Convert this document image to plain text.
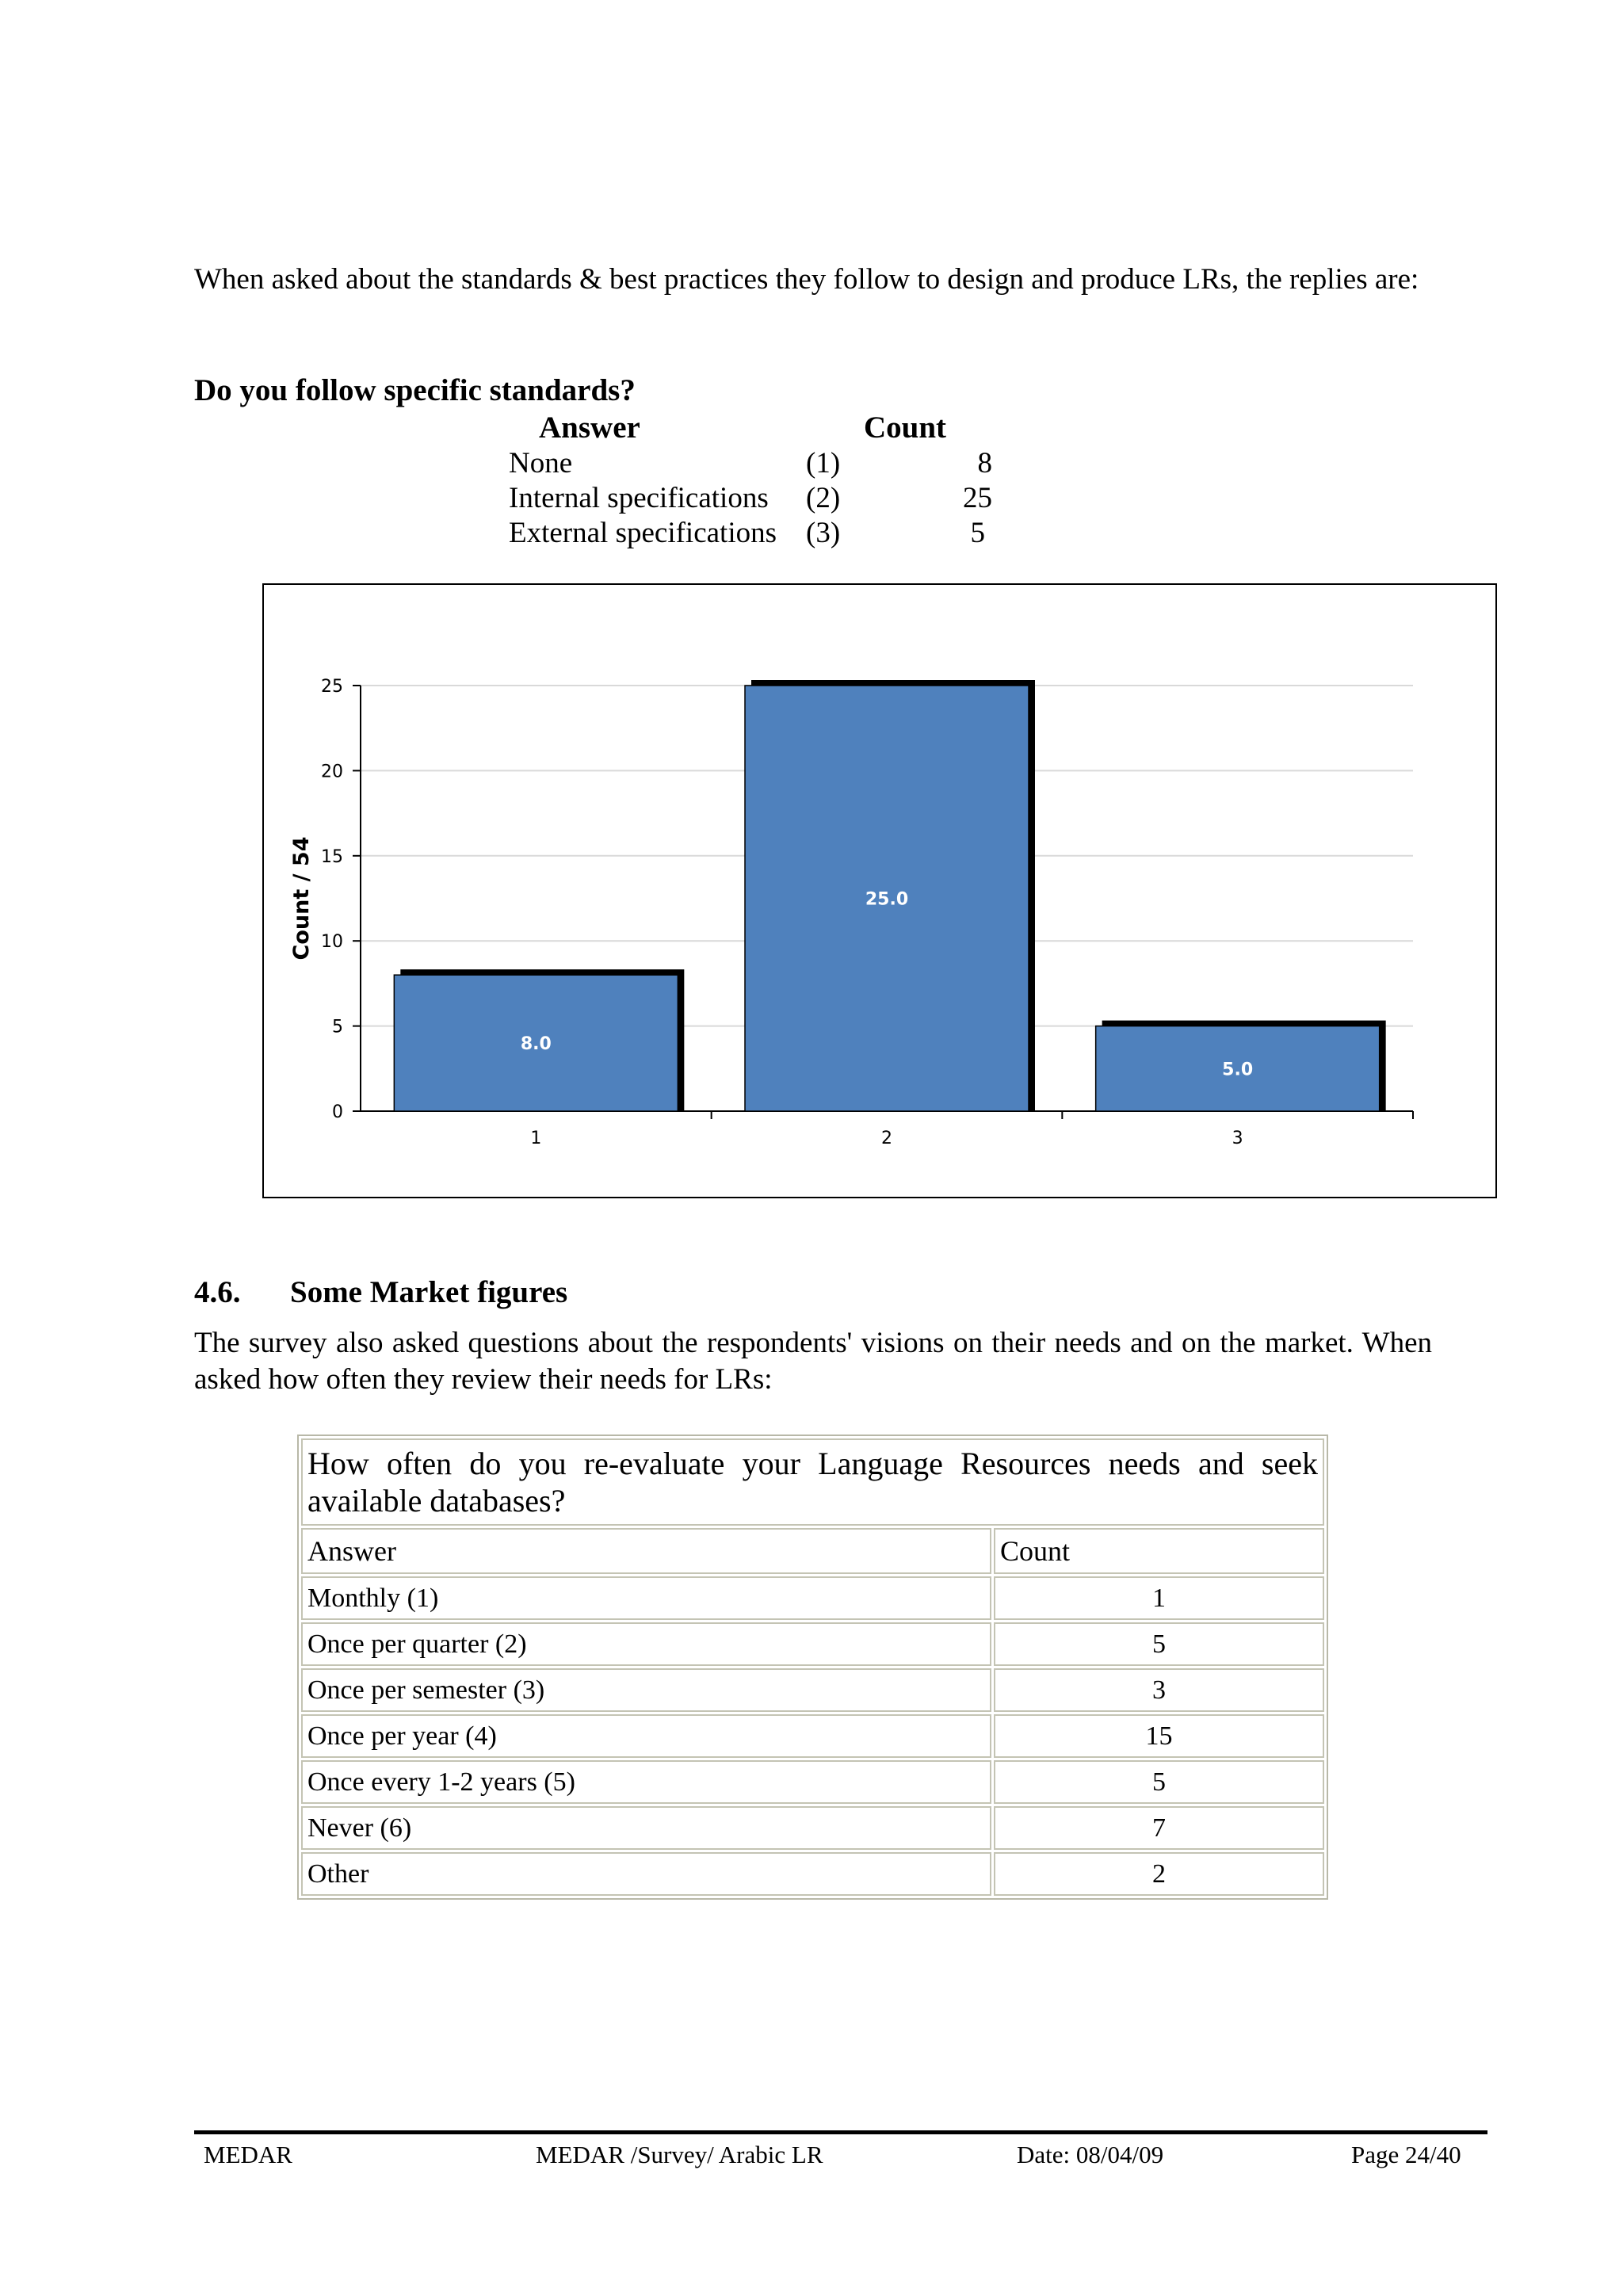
When asked about the standards & best practices they follow to design and produce LRs, the replies are:
Do you follow specific standards?
Answer	Count
None	(1)	8
Internal specifications (2)	25
External specifications (3)	5
0
5
10
15
20
25
Count / 54
8.0
1
25.0
2
5.0
3
4.6. Some Market figures
The survey also asked questions about the respondents' visions on their needs and on the market. When asked how often they review their needs for LRs:
How often do you re-evaluate your Language Resources needs and seek available databases?	
Answer	Count
Monthly (1)	1
Once per quarter (2)	5
Once per semester (3)	3
Once per year (4)	15
Once every 1-2 years (5)	5
Never (6)	7
Other	2
MEDAR	MEDAR /Survey/ Arabic LR	Date: 08/04/09	Page 24/40
